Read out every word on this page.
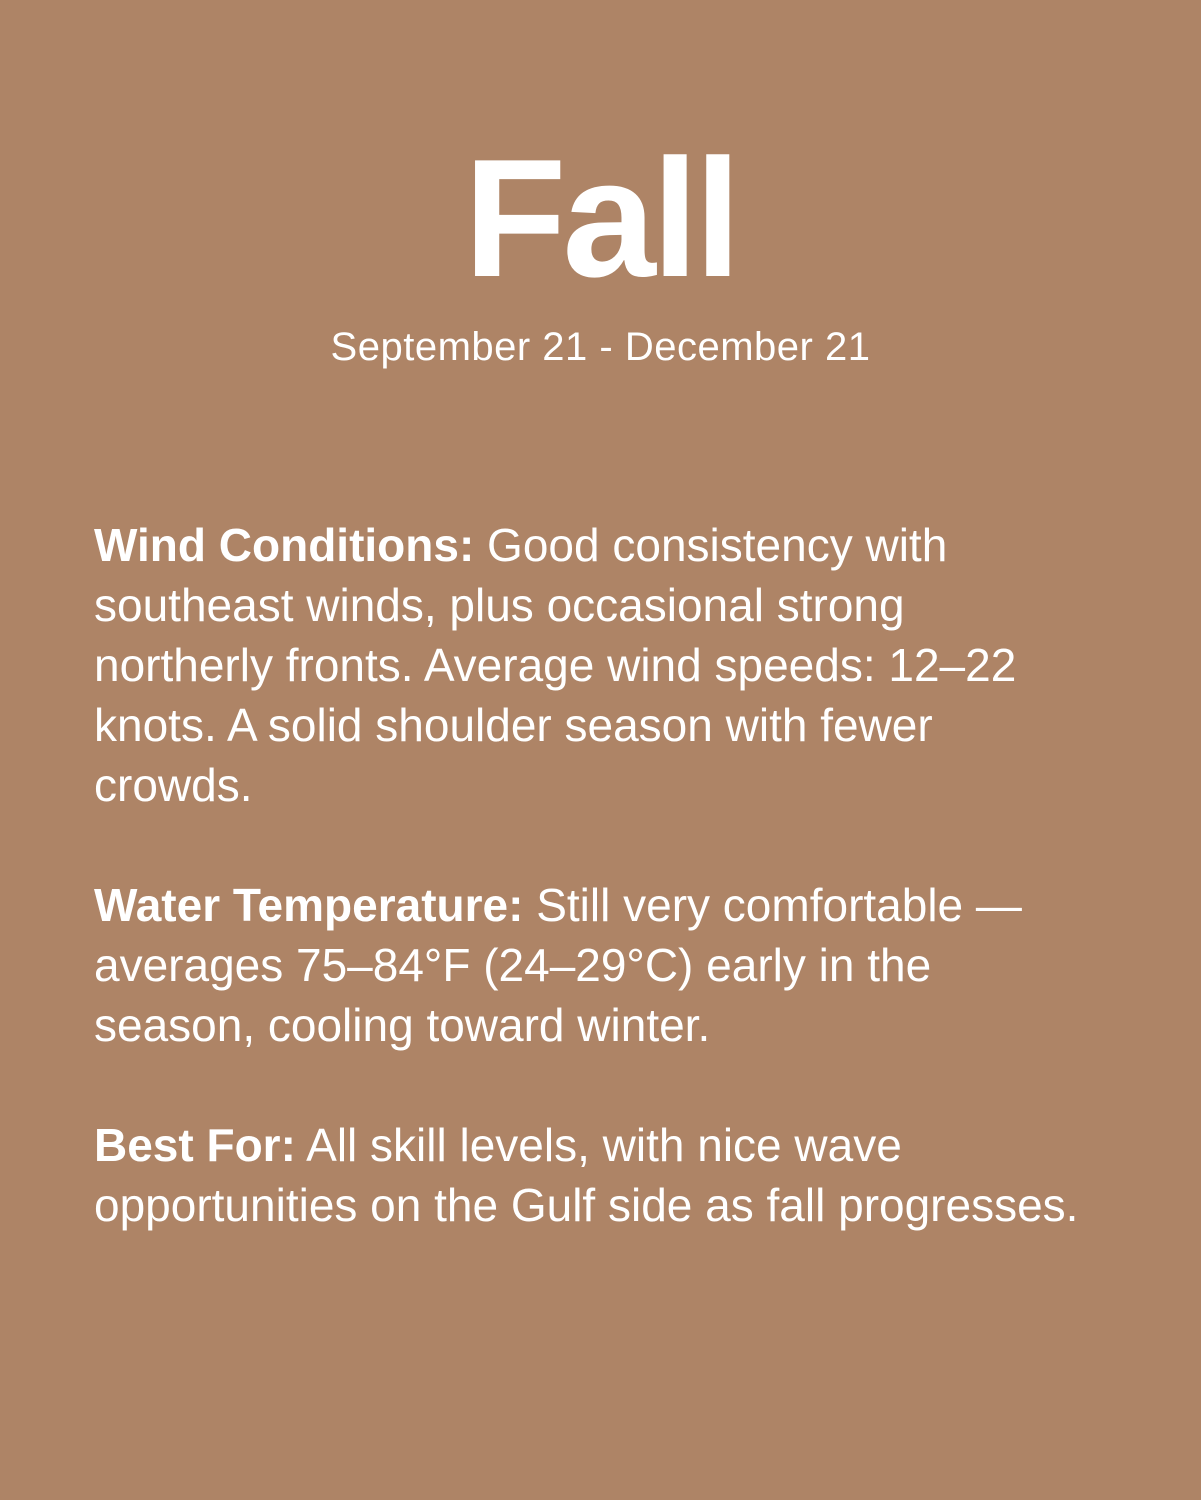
Fall
September 21 - December 21

Wind Conditions: Good consistency with southeast winds, plus occasional strong northerly fronts. Average wind speeds: 12–22 knots. A solid shoulder season with fewer crowds.

Water Temperature: Still very comfortable — averages 75–84°F (24–29°C) early in the season, cooling toward winter.

Best For: All skill levels, with nice wave opportunities on the Gulf side as fall progresses.
